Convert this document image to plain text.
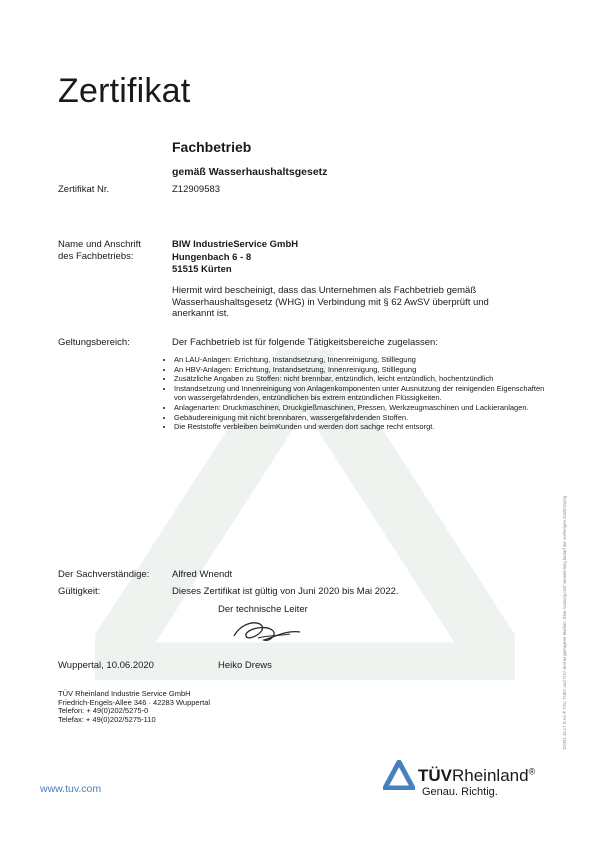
Zertifikat
Fachbetrieb
gemäß Wasserhaushaltsgesetz
Zertifikat Nr.	Z12909583
Name und Anschrift
des Fachbetriebs:
BIW IndustrieService GmbH
Hungenbach 6 - 8
51515 Kürten
Hiermit wird bescheinigt, dass das Unternehmen als Fachbetrieb gemäß Wasserhaushaltsgesetz (WHG) in Verbindung mit § 62 AwSV überprüft und anerkannt ist.
Geltungsbereich:	Der Fachbetrieb ist für folgende Tätigkeitsbereiche zugelassen:
• An LAU-Anlagen: Errichtung, Instandsetzung, Innenreinigung, Stilllegung
• An HBV-Anlagen: Errichtung, Instandsetzung, Innenreinigung, Stilllegung
• Zusätzliche Angaben zu Stoffen: nicht brennbar, entzündlich, leicht entzündlich, hochentzündlich
• Instandsetzung und Innenreinigung von Anlagenkomponenten unter Ausnutzung der reinigenden Eigenschaften von wassergefährdenden, entzündlichen bis extrem entzündlichen Flüssigkeiten.
• Anlagenarten: Druckmaschinen, Druckgießmaschinen, Pressen, Werkzeugmaschinen und Lackieranlagen.
• Gebäudereinigung mit nicht brennbaren, wassergefährdenden Stoffen.
• Die Reststoffe verbleiben beimKunden und werden dort sachge recht entsorgt.
Der Sachverständige: Alfred Wnendt
Gültigkeit:	Dieses Zertifikat ist gültig von Juni 2020 bis Mai 2022.
Der technische Leiter
Wuppertal, 10.06.2020	Heiko Drews
TÜV Rheinland Industrie Service GmbH
Friedrich-Engels-Allee 346 · 42283 Wuppertal
Telefon: + 49(0)202/5275-0
Telefax: + 49(0)202/5275-110
www.tuv.com
10/291 15.17 D A4 ® TÜV, TUEV und TUV sind eingetragene Marken. Eine Nutzung und Verwendung bedarf der vorherigen Zustimmung.
TÜVRheinland®
Genau. Richtig.
